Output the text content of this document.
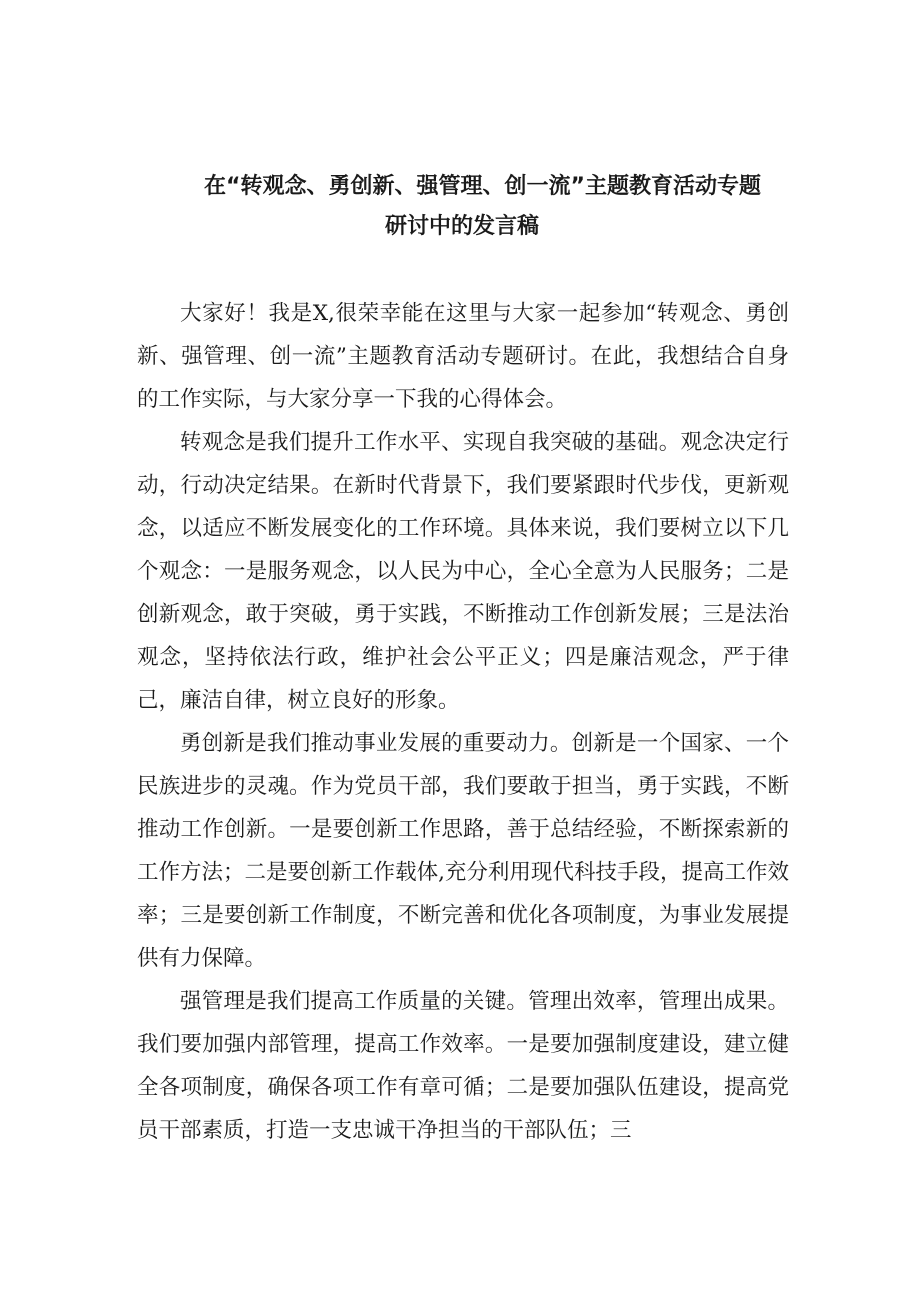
在“转观念、勇创新、强管理、创一流”主题教育活动专题
研讨中的发言稿

大家好！我是X,很荣幸能在这里与大家一起参加“转观念、勇创新、强管理、创一流”主题教育活动专题研讨。在此，我想结合自身的工作实际，与大家分享一下我的心得体会。

转观念是我们提升工作水平、实现自我突破的基础。观念决定行动，行动决定结果。在新时代背景下，我们要紧跟时代步伐，更新观念，以适应不断发展变化的工作环境。具体来说，我们要树立以下几个观念：一是服务观念，以人民为中心，全心全意为人民服务；二是创新观念，敢于突破，勇于实践，不断推动工作创新发展；三是法治观念，坚持依法行政，维护社会公平正义；四是廉洁观念，严于律己，廉洁自律，树立良好的形象。

勇创新是我们推动事业发展的重要动力。创新是一个国家、一个民族进步的灵魂。作为党员干部，我们要敢于担当，勇于实践，不断推动工作创新。一是要创新工作思路，善于总结经验，不断探索新的工作方法；二是要创新工作载体,充分利用现代科技手段，提高工作效率；三是要创新工作制度，不断完善和优化各项制度，为事业发展提供有力保障。

强管理是我们提高工作质量的关键。管理出效率，管理出成果。我们要加强内部管理，提高工作效率。一是要加强制度建设，建立健全各项制度，确保各项工作有章可循；二是要加强队伍建设，提高党员干部素质，打造一支忠诚干净担当的干部队伍；三
